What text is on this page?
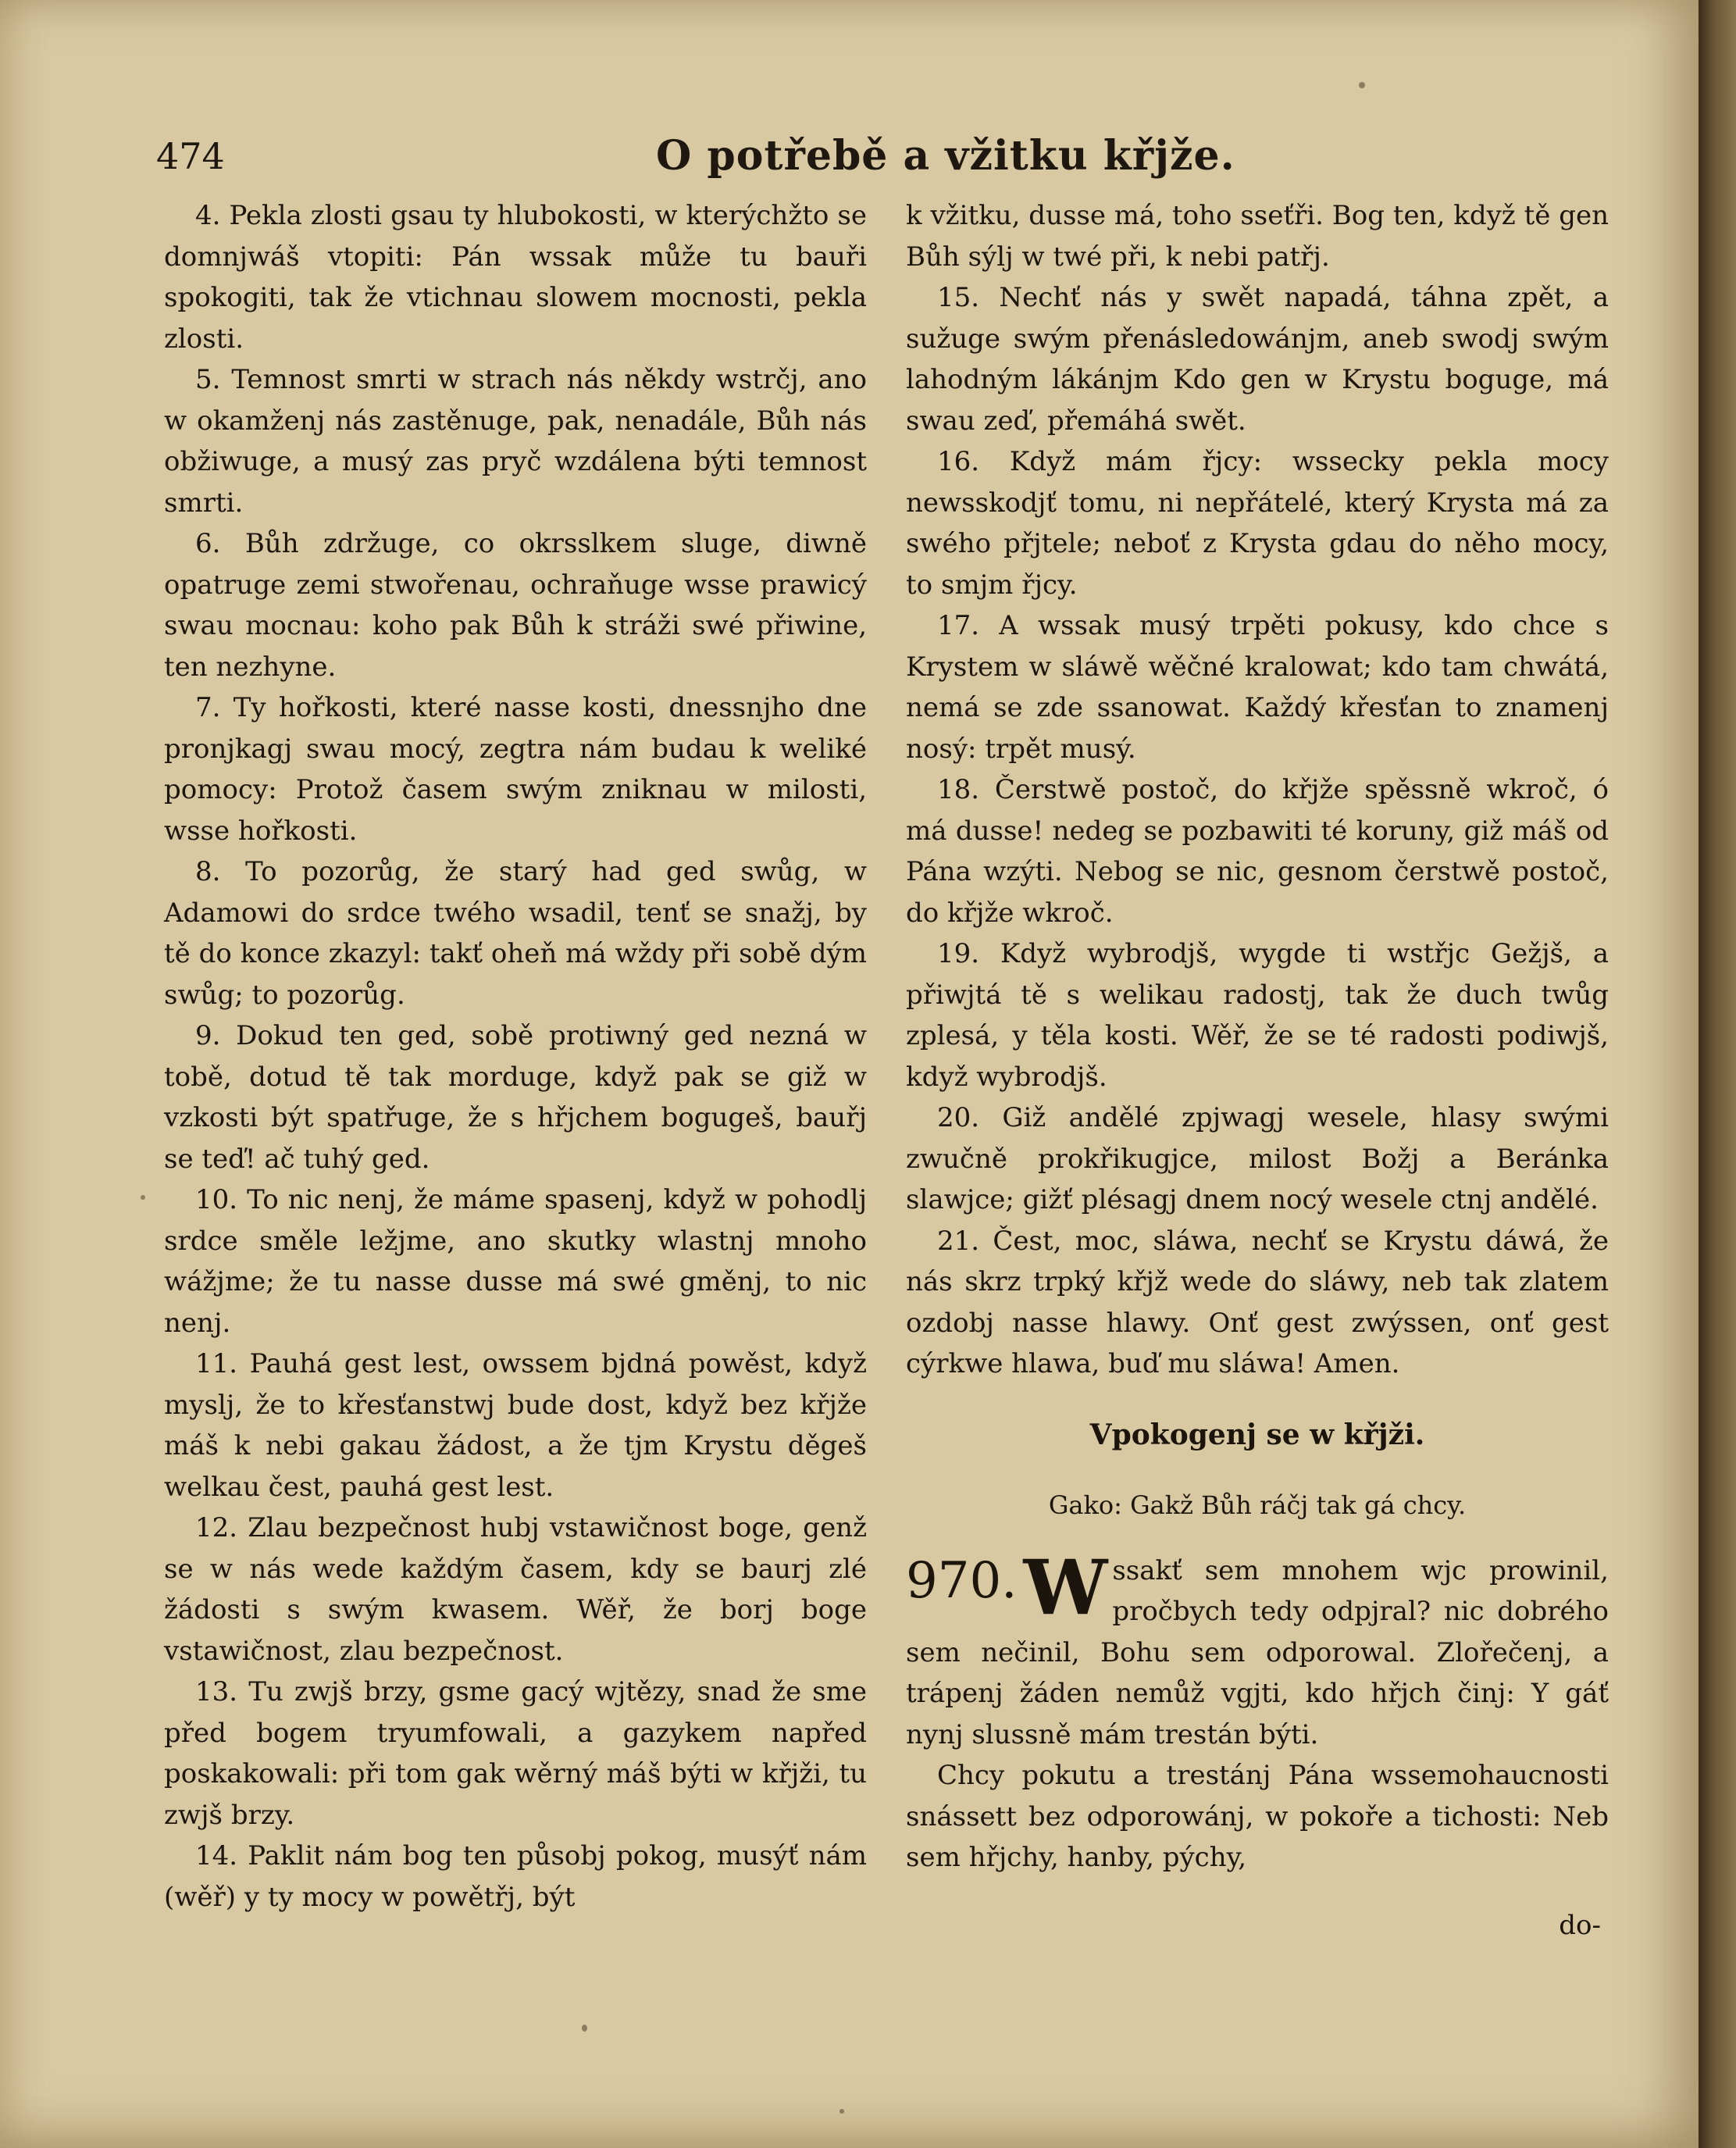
474	O potřebě a vžitku křjže.

4. Pekla zlosti gsau ty hlubokosti, w kterýchžto se domnjwáš vtopiti: Pán wssak může tu bauři spokogiti, tak že vtichnau slowem mocnosti, pekla zlosti.

5. Temnost smrti w strach nás někdy wstrčj, ano w okamženj nás zastěnuge, pak, nenadále, Bůh nás obžiwuge, a musý zas pryč wzdálena býti temnost smrti.

6. Bůh zdržuge, co okrsslkem sluge, diwně opatruge zemi stwořenau, ochraňuge wsse prawicý swau mocnau: koho pak Bůh k stráži swé přiwine, ten nezhyne.

7. Ty hořkosti, které nasse kosti, dnessnjho dne pronjkagj swau mocý, zegtra nám budau k weliké pomocy: Protož časem swým zniknau w milosti, wsse hořkosti.

8. To pozorůg, že starý had ged swůg, w Adamowi do srdce twého wsadil, tenť se snažj, by tě do konce zkazyl: takť oheň má wždy při sobě dým swůg; to pozorůg.

9. Dokud ten ged, sobě protiwný ged nezná w tobě, dotud tě tak morduge, když pak se giž w vzkosti být spatřuge, že s hřjchem bogugeš, bauřj se teď! ač tuhý ged.

10. To nic nenj, že máme spasenj, když w pohodlj srdce směle ležjme, ano skutky wlastnj mnoho wážjme; že tu nasse dusse má swé gměnj, to nic nenj.

11. Pauhá gest lest, owssem bjdná powěst, když myslj, že to křesťanstwj bude dost, když bez křjže máš k nebi gakau žádost, a že tjm Krystu děgeš welkau čest, pauhá gest lest.

12. Zlau bezpečnost hubj vstawičnost boge, genž se w nás wede každým časem, kdy se baurj zlé žádosti s swým kwasem. Wěř, že borj boge vstawičnost, zlau bezpečnost.

13. Tu zwjš brzy, gsme gacý wjtězy, snad že sme před bogem tryumfowali, a gazykem napřed poskakowali: při tom gak wěrný máš býti w křjži, tu zwjš brzy.

14. Paklit nám bog ten působj pokog, musýť nám (wěř) y ty mocy w powětřj, být

k vžitku, dusse má, toho sseťři. Bog ten, když tě gen Bůh sýlj w twé při, k nebi patřj.

15. Nechť nás y swět napadá, táhna zpět, a sužuge swým přenásledowánjm, aneb swodj swým lahodným lákánjm Kdo gen w Krystu boguge, má swau zeď, přemáhá swět.

16. Když mám řjcy: wssecky pekla mocy newsskodjť tomu, ni nepřátelé, který Krysta má za swého přjtele; neboť z Krysta gdau do něho mocy, to smjm řjcy.

17. A wssak musý trpěti pokusy, kdo chce s Krystem w sláwě wěčné kralowat; kdo tam chwátá, nemá se zde ssanowat. Každý křesťan to znamenj nosý: trpět musý.

18. Čerstwě postoč, do křjže spěssně wkroč, ó má dusse! nedeg se pozbawiti té koruny, giž máš od Pána wzýti. Nebog se nic, gesnom čerstwě postoč, do křjže wkroč.

19. Když wybrodjš, wygde ti wstřjc Gežjš, a přiwjtá tě s welikau radostj, tak že duch twůg zplesá, y těla kosti. Wěř, že se té radosti podiwjš, když wybrodjš.

20. Giž andělé zpjwagj wesele, hlasy swými zwučně prokřikugjce, milost Božj a Beránka slawjce; gižť plésagj dnem nocý wesele ctnj andělé.

21. Čest, moc, sláwa, nechť se Krystu dáwá, že nás skrz trpký křjž wede do sláwy, neb tak zlatem ozdobj nasse hlawy. Onť gest zwýssen, onť gest cýrkwe hlawa, buď mu sláwa! Amen.

Vpokogenj se w křjži.

Gako: Gakž Bůh ráčj tak gá chcy.

970. W ssakť sem mnohem wjc prowinil, pročbych tedy odpjral? nic dobrého sem nečinil, Bohu sem odporowal. Zlořečenj, a trápenj žáden nemůž vgjti, kdo hřjch činj: Y gáť nynj slussně mám trestán býti.

Chcy pokutu a trestánj Pána wssemohaucnosti snássett bez odporowánj, w pokoře a tichosti: Neb sem hřjchy, hanby, pýchy,

do-
